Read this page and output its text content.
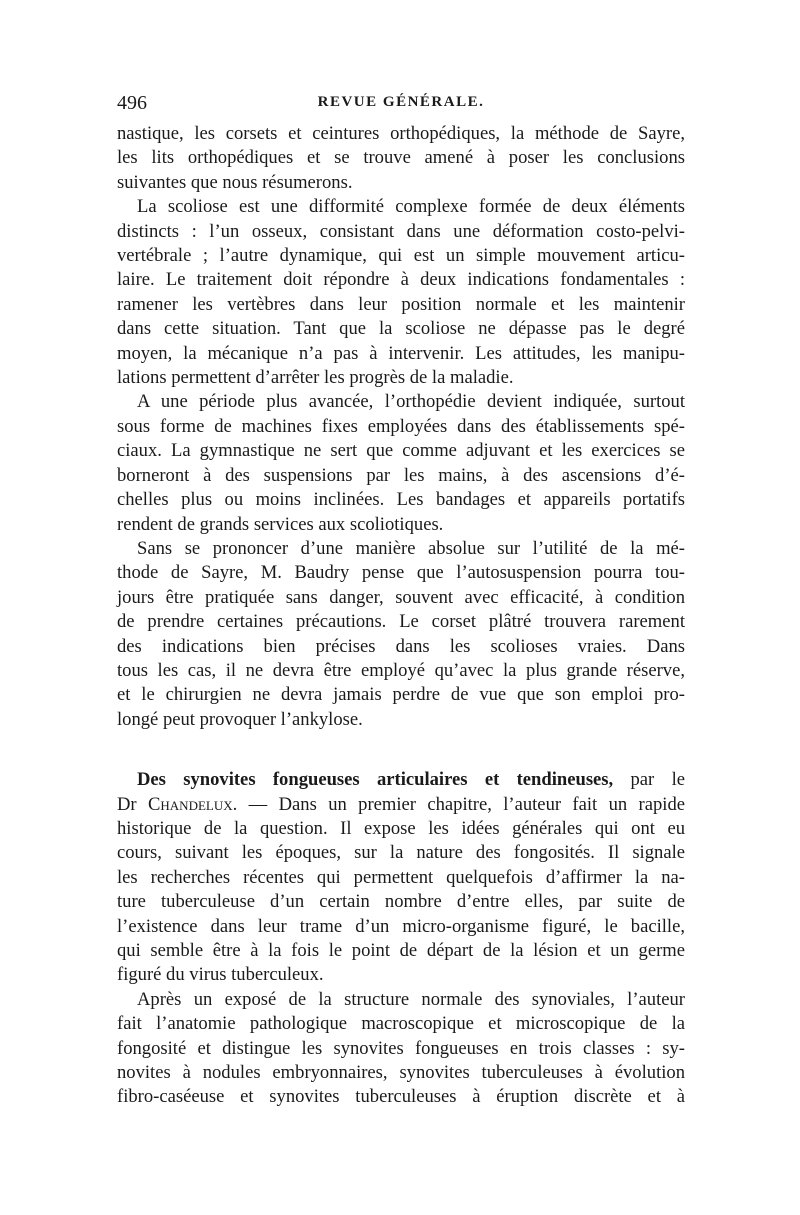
496	REVUE GÉNÉRALE.

nastique, les corsets et ceintures orthopédiques, la méthode de Sayre,
les lits orthopédiques et se trouve amené à poser les conclusions
suivantes que nous résumerons.

La scoliose est une difformité complexe formée de deux éléments
distincts : l’un osseux, consistant dans une déformation costo-pelvi-
vertébrale ; l’autre dynamique, qui est un simple mouvement articu-
laire. Le traitement doit répondre à deux indications fondamentales :
ramener les vertèbres dans leur position normale et les maintenir
dans cette situation. Tant que la scoliose ne dépasse pas le degré
moyen, la mécanique n’a pas à intervenir. Les attitudes, les manipu-
lations permettent d’arrêter les progrès de la maladie.

A une période plus avancée, l’orthopédie devient indiquée, surtout
sous forme de machines fixes employées dans des établissements spé-
ciaux. La gymnastique ne sert que comme adjuvant et les exercices se
borneront à des suspensions par les mains, à des ascensions d’é-
chelles plus ou moins inclinées. Les bandages et appareils portatifs
rendent de grands services aux scoliotiques.

Sans se prononcer d’une manière absolue sur l’utilité de la mé-
thode de Sayre, M. Baudry pense que l’autosuspension pourra tou-
jours être pratiquée sans danger, souvent avec efficacité, à condition
de prendre certaines précautions. Le corset plâtré trouvera rarement
des indications bien précises dans les scolioses vraies. Dans
tous les cas, il ne devra être employé qu’avec la plus grande réserve,
et le chirurgien ne devra jamais perdre de vue que son emploi pro-
longé peut provoquer l’ankylose.

Des synovites fongueuses articulaires et tendineuses, par le
Dr Chandelux. — Dans un premier chapitre, l’auteur fait un rapide
historique de la question. Il expose les idées générales qui ont eu
cours, suivant les époques, sur la nature des fongosités. Il signale
les recherches récentes qui permettent quelquefois d’affirmer la na-
ture tuberculeuse d’un certain nombre d’entre elles, par suite de
l’existence dans leur trame d’un micro-organisme figuré, le bacille,
qui semble être à la fois le point de départ de la lésion et un germe
figuré du virus tuberculeux.

Après un exposé de la structure normale des synoviales, l’auteur
fait l’anatomie pathologique macroscopique et microscopique de la
fongosité et distingue les synovites fongueuses en trois classes : sy-
novites à nodules embryonnaires, synovites tuberculeuses à évolution
fibro-caséeuse et synovites tuberculeuses à éruption discrète et à
